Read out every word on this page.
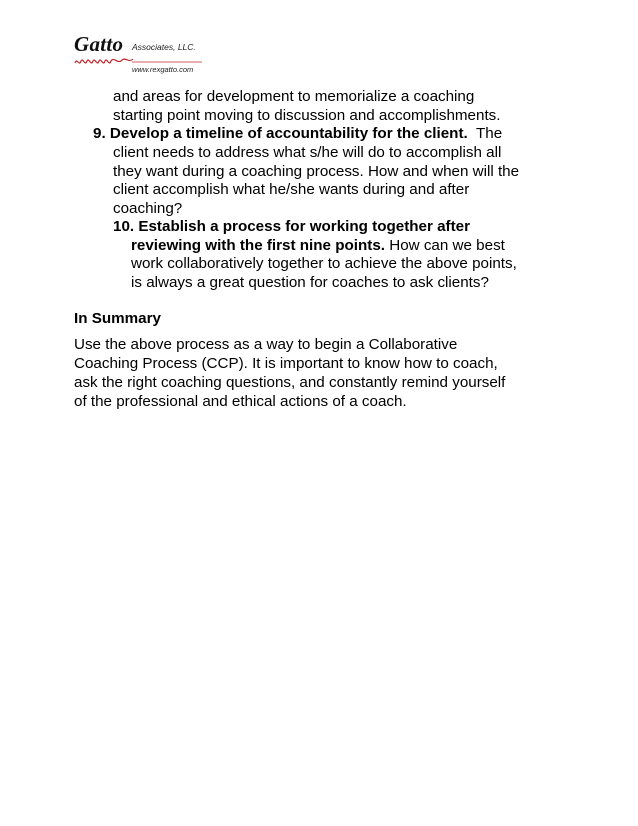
Gatto Associates, LLC.
www.rexgatto.com
and areas for development to memorialize a coaching
starting point moving to discussion and accomplishments.
9. Develop a timeline of accountability for the client. The
client needs to address what s/he will do to accomplish all
they want during a coaching process. How and when will the
client accomplish what he/she wants during and after
coaching?
10. Establish a process for working together after
reviewing with the first nine points. How can we best
work collaboratively together to achieve the above points,
is always a great question for coaches to ask clients?
In Summary
Use the above process as a way to begin a Collaborative
Coaching Process (CCP). It is important to know how to coach,
ask the right coaching questions, and constantly remind yourself
of the professional and ethical actions of a coach.
